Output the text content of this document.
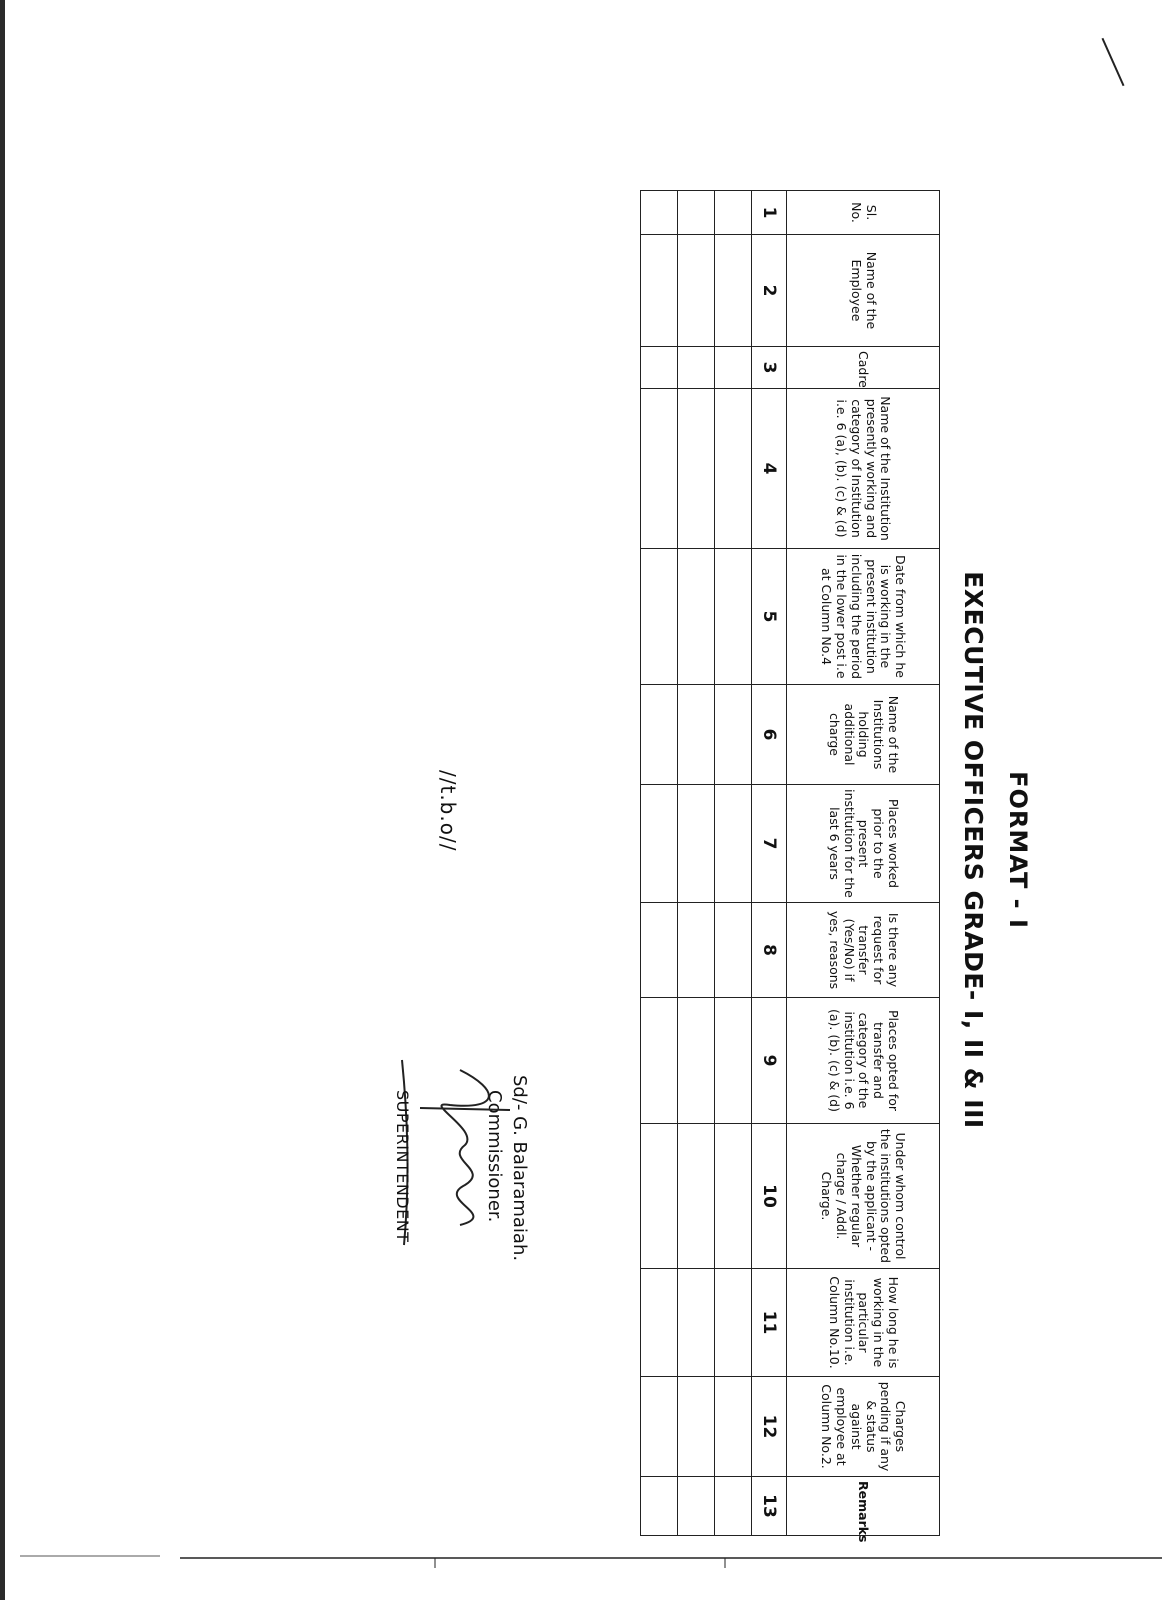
FORMAT - I
EXECUTIVE OFFICERS GRADE- I, II & III
Sl. No.	Name of the Employee	Cadre	Name of the Institution presently working and category of Institution i.e. 6 (a), (b). (c) & (d)	Date from which he is working in the present institution including the period in the lower post i.e at Column No.4	Name of the Institutions holding additional charge	Places worked prior to the present institution for the last 6 years	Is there any request for transfer (Yes/No) if yes, reasons	Places opted for transfer and category of the institution i.e. 6 (a). (b). (c) & (d)	Under whom control the institutions opted by the applicant - Whether regular charge / Addl. Charge.	How long he is working in the particular institution i.e. Column No.10.	Charges pending if any & status against employee at Column No.2.	Remarks
1	2	3	4	5	6	7	8	9	10	11	12	13

//t.b.o//
Sd/- G. Balaramaiah.
Commissioner.
SUPERINTENDENT
